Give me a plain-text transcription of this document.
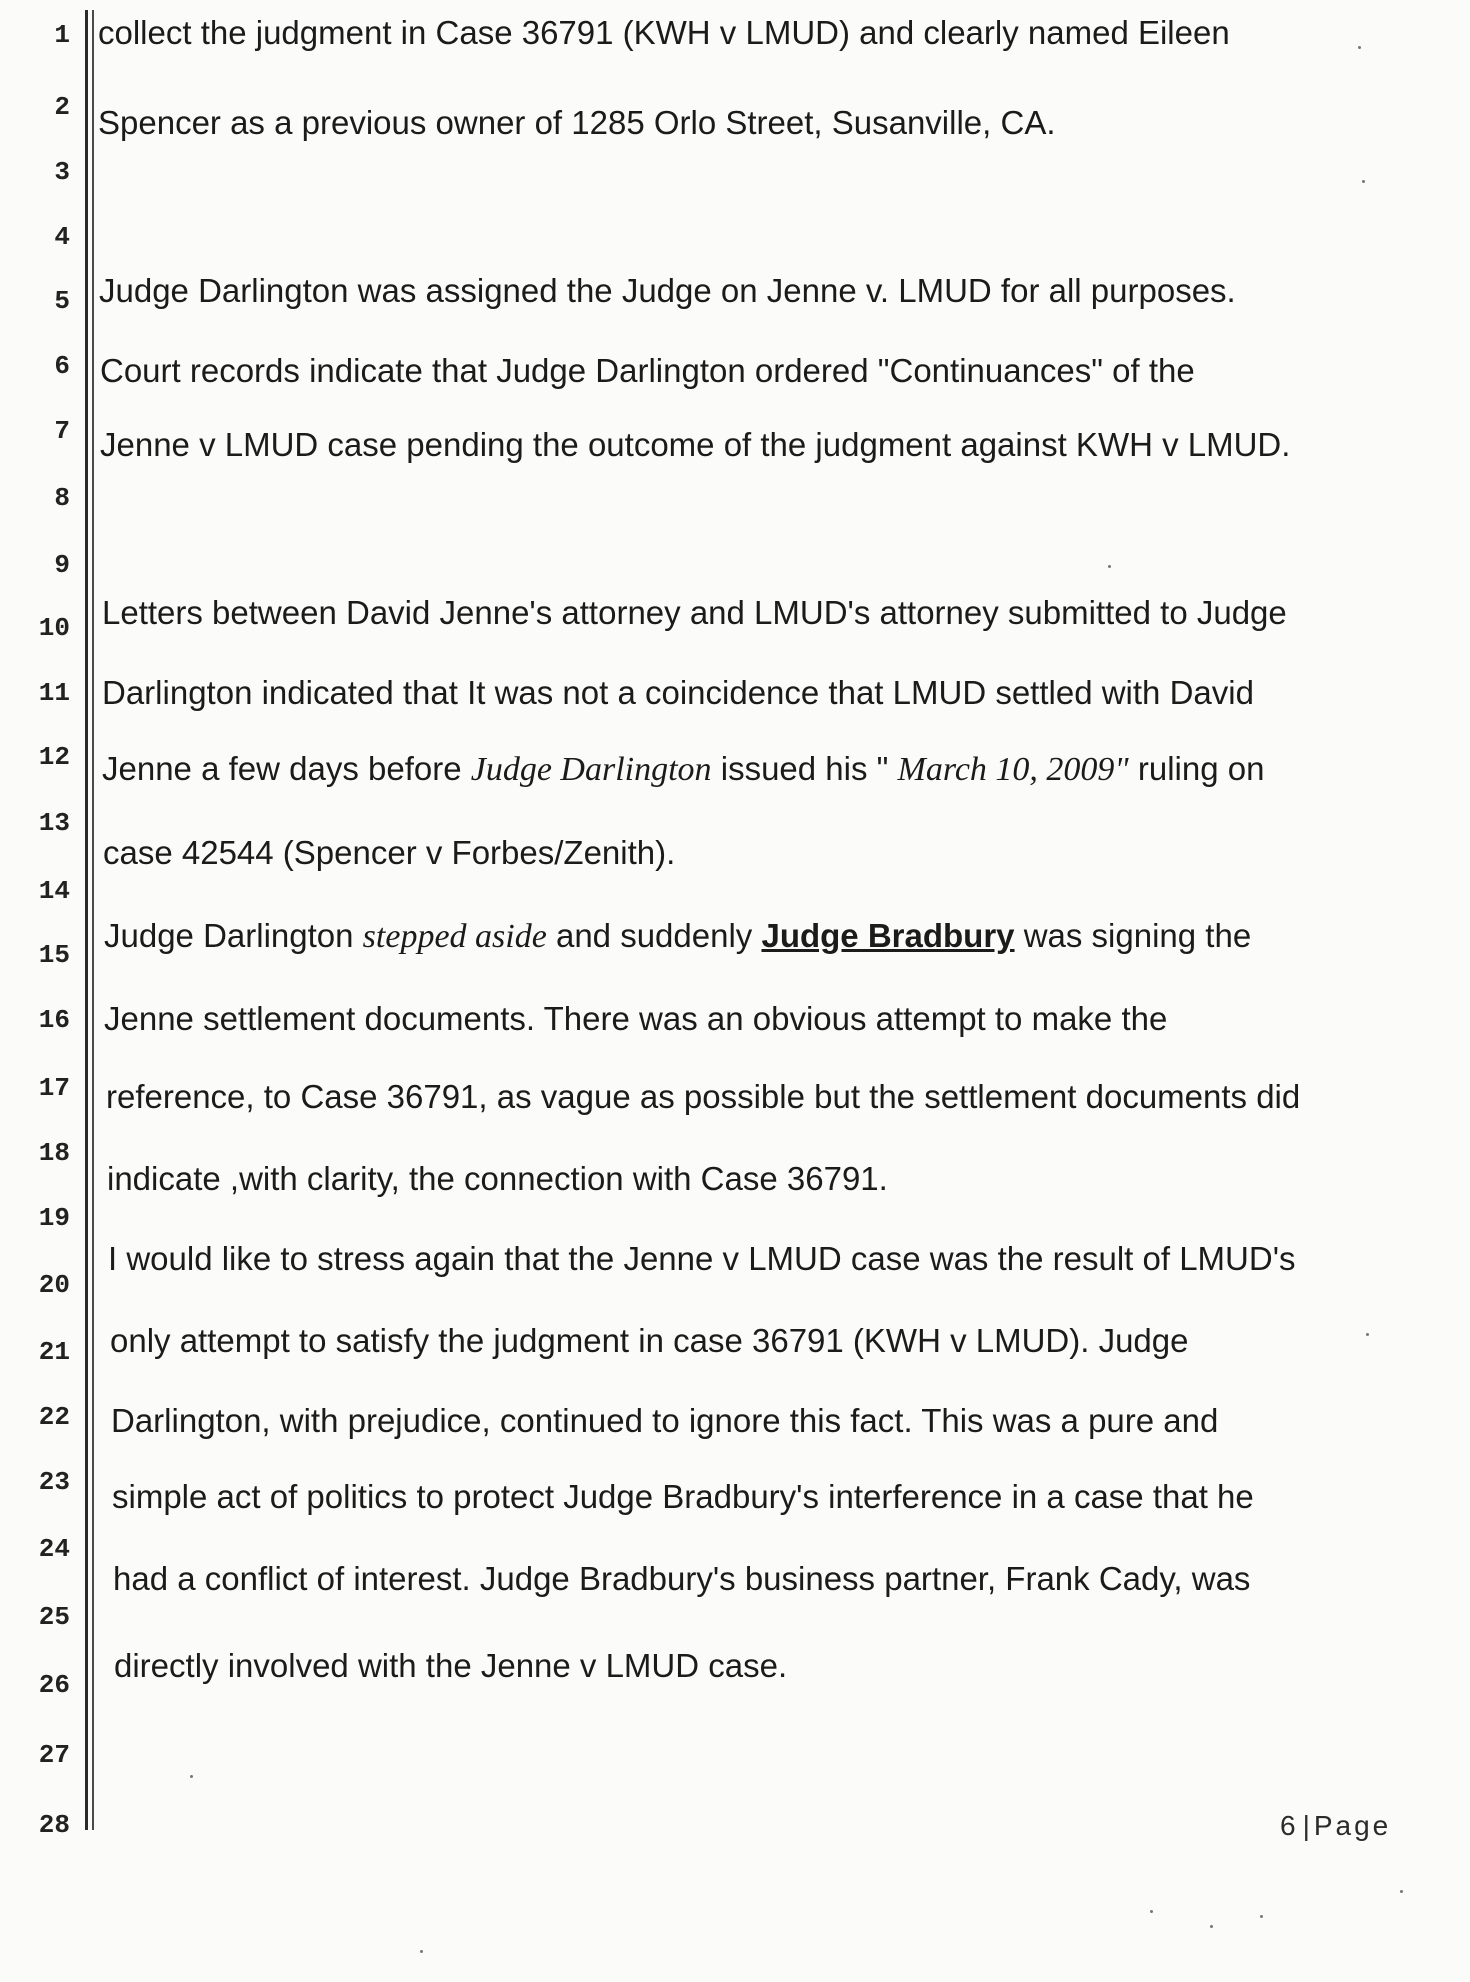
1
2
3
4
5
6
7
8
9
10
11
12
13
14
15
16
17
18
19
20
21
22
23
24
25
26
27
28
collect the judgment in Case 36791 (KWH v LMUD) and clearly named Eileen
Spencer as a previous owner of 1285 Orlo Street, Susanville, CA.
Judge Darlington was assigned the Judge on Jenne v. LMUD for all purposes.
Court records indicate that Judge Darlington ordered "Continuances" of the
Jenne v LMUD case pending the outcome of the judgment against KWH v LMUD.
Letters between David Jenne's attorney and LMUD's attorney submitted to Judge
Darlington indicated that It was not a coincidence that LMUD settled with David
Jenne a few days before Judge Darlington issued his " March 10, 2009" ruling on
case 42544 (Spencer v Forbes/Zenith).
Judge Darlington stepped aside and suddenly Judge Bradbury was signing the
Jenne settlement documents. There was an obvious attempt to make the
reference, to Case 36791, as vague as possible but the settlement documents did
indicate ,with clarity, the connection with Case 36791.
I would like to stress again that the Jenne v LMUD case was the result of LMUD's
only attempt to satisfy the judgment in case 36791 (KWH v LMUD). Judge
Darlington, with prejudice, continued to ignore this fact. This was a pure and
simple act of politics to protect Judge Bradbury's interference in a case that he
had a conflict of interest. Judge Bradbury's business partner, Frank Cady, was
directly involved with the Jenne v LMUD case.
6 | Page
